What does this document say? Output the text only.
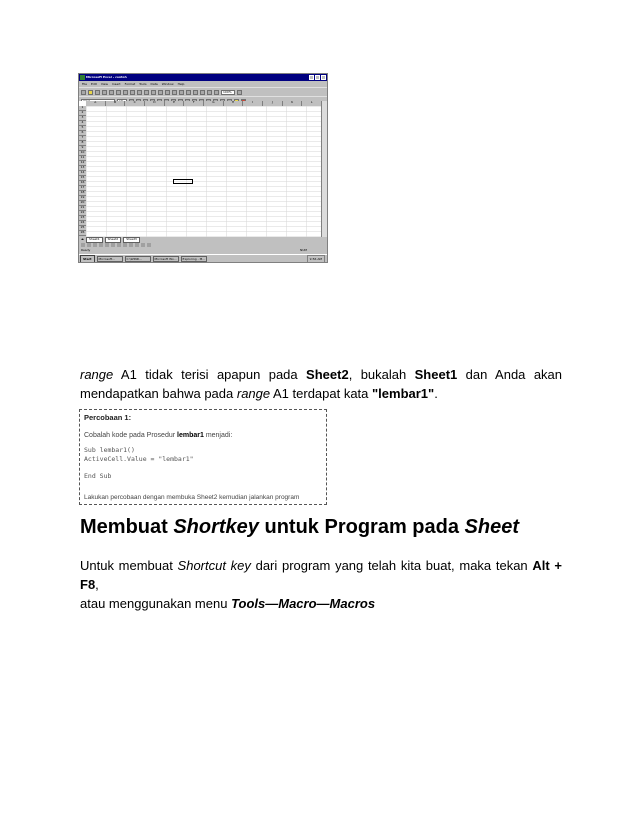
Microsoft Excel - contoh
File Edit View Insert Format Tools Data Window Help
100%
A	B	C	D	E	F	G	H	I	J	K	L
1
2
3
4
5
6
7
8
9
10
11
12
13
14
15
16
17
18
19
20
21
22
23
24
25
26
◂▸	Sheet1	Sheet2	Sheet3
Ready	NUM
Start	Microsoft...	C:\WIND...	Microsoft Wo...	Exploring - M...	9:56 AM
range A1 tidak terisi apapun pada Sheet2, bukalah Sheet1 dan Anda akan
mendapatkan bahwa pada range A1 terdapat kata "lembar1".

Percobaan 1:

Cobalah kode pada Prosedur lembar1 menjadi:

Sub lembar1()

ActiveCell.Value = "lembar1"

End Sub

Lakukan percobaan dengan membuka Sheet2 kemudian jalankan program
Membuat Shortkey untuk Program pada Sheet
Untuk membuat Shortcut key dari program yang telah kita buat, maka tekan Alt + F8,
atau menggunakan menu Tools—Macro—Macros
